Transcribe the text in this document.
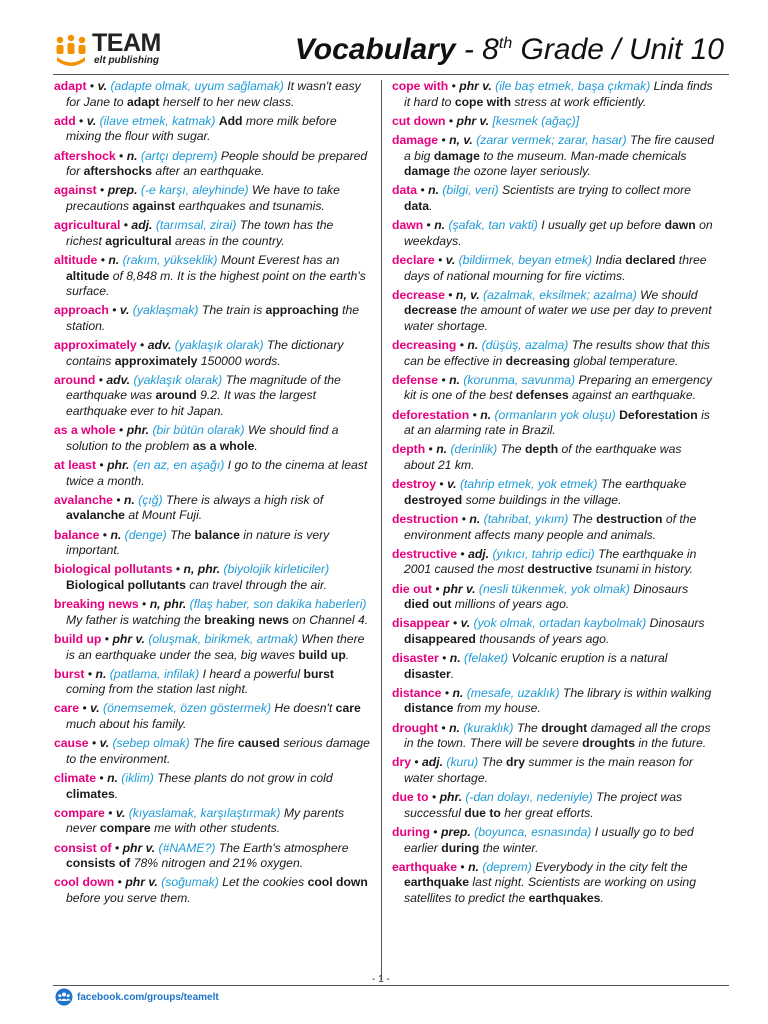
TEAM
elt publishing	Vocabulary - 8th Grade / Unit 10
adapt • v. (adapte olmak, uyum sağlamak) It wasn't easy for Jane to adapt herself to her new class.
add • v. (ilave etmek, katmak) Add more milk before mixing the flour with sugar.
aftershock • n. (artçı deprem) People should be prepared for aftershocks after an earthquake.
against • prep. (-e karşı, aleyhinde) We have to take precautions against earthquakes and tsunamis.
agricultural • adj. (tarımsal, zirai) The town has the richest agricultural areas in the country.
altitude • n. (rakım, yükseklik) Mount Everest has an altitude of 8,848 m. It is the highest point on the earth's surface.
approach • v. (yaklaşmak) The train is approaching the station.
approximately • adv. (yaklaşık olarak) The dictionary contains approximately 150000 words.
around • adv. (yaklaşık olarak) The magnitude of the earthquake was around 9.2. It was the largest earthquake ever to hit Japan.
as a whole • phr. (bir bütün olarak) We should find a solution to the problem as a whole.
at least • phr. (en az, en aşağı) I go to the cinema at least twice a month.
avalanche • n. (çığ) There is always a high risk of avalanche at Mount Fuji.
balance • n. (denge) The balance in nature is very important.
biological pollutants • n, phr. (biyolojik kirleticiler) Biological pollutants can travel through the air.
breaking news • n, phr. (flaş haber, son dakika haberleri) My father is watching the breaking news on Channel 4.
build up • phr v. (oluşmak, birikmek, artmak) When there is an earthquake under the sea, big waves build up.
burst • n. (patlama, infilak) I heard a powerful burst coming from the station last night.
care • v. (önemsemek, özen göstermek) He doesn't care much about his family.
cause • v. (sebep olmak) The fire caused serious damage to the environment.
climate • n. (iklim) These plants do not grow in cold climates.
compare • v. (kıyaslamak, karşılaştırmak) My parents never compare me with other students.
consist of • phr v. (#NAME?) The Earth's atmosphere consists of 78% nitrogen and 21% oxygen.
cool down • phr v. (soğumak) Let the cookies cool down before you serve them.
cope with • phr v. (ile baş etmek, başa çıkmak) Linda finds it hard to cope with stress at work efficiently.
cut down • phr v. [kesmek (ağaç)]
damage • n, v. (zarar vermek; zarar, hasar) The fire caused a big damage to the museum. Man-made chemicals damage the ozone layer seriously.
data • n. (bilgi, veri) Scientists are trying to collect more data.
dawn • n. (şafak, tan vakti) I usually get up before dawn on weekdays.
declare • v. (bildirmek, beyan etmek) India declared three days of national mourning for fire victims.
decrease • n, v. (azalmak, eksilmek; azalma) We should decrease the amount of water we use per day to prevent water shortage.
decreasing • n. (düşüş, azalma) The results show that this can be effective in decreasing global temperature.
defense • n. (korunma, savunma) Preparing an emergency kit is one of the best defenses against an earthquake.
deforestation • n. (ormanların yok oluşu) Deforestation is at an alarming rate in Brazil.
depth • n. (derinlik) The depth of the earthquake was about 21 km.
destroy • v. (tahrip etmek, yok etmek) The earthquake destroyed some buildings in the village.
destruction • n. (tahribat, yıkım) The destruction of the environment affects many people and animals.
destructive • adj. (yıkıcı, tahrip edici) The earthquake in 2001 caused the most destructive tsunami in history.
die out • phr v. (nesli tükenmek, yok olmak) Dinosaurs died out millions of years ago.
disappear • v. (yok olmak, ortadan kaybolmak) Dinosaurs disappeared thousands of years ago.
disaster • n. (felaket) Volcanic eruption is a natural disaster.
distance • n. (mesafe, uzaklık) The library is within walking distance from my house.
drought • n. (kuraklık) The drought damaged all the crops in the town. There will be severe droughts in the future.
dry • adj. (kuru) The dry summer is the main reason for water shortage.
due to • phr. (-dan dolayı, nedeniyle) The project was successful due to her great efforts.
during • prep. (boyunca, esnasında) I usually go to bed earlier during the winter.
earthquake • n. (deprem) Everybody in the city felt the earthquake last night. Scientists are working on using satellites to predict the earthquakes.
- 1 -
facebook.com/groups/teamelt
